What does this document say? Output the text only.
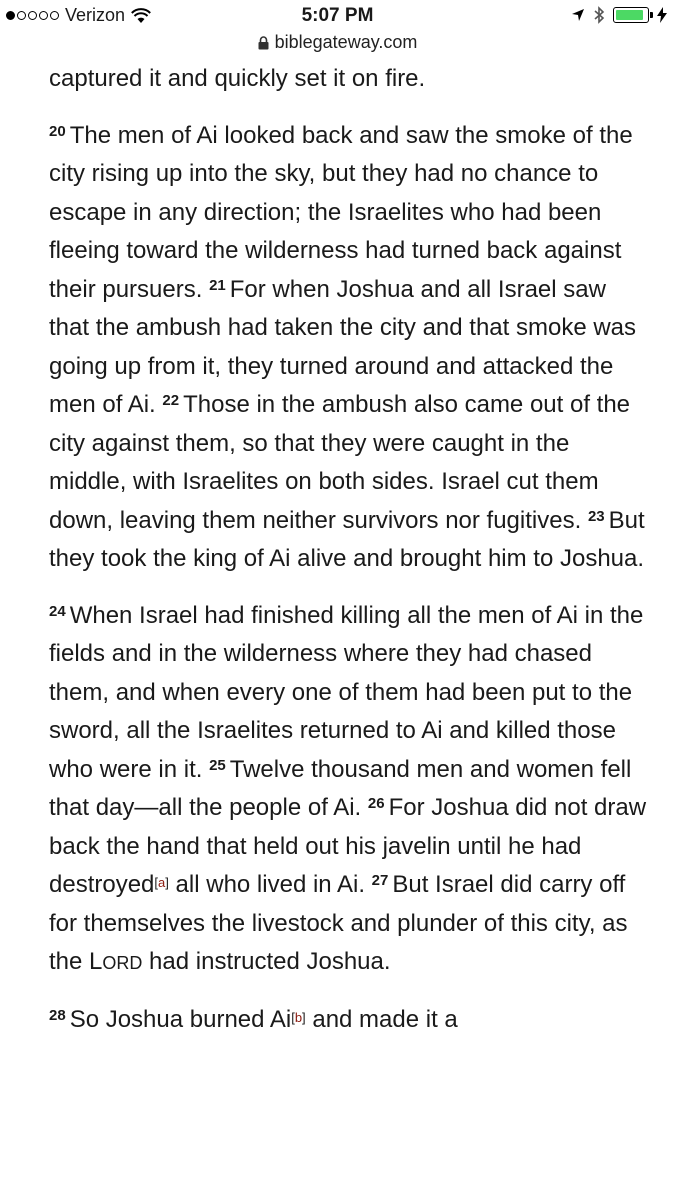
Verizon	5:07 PM
biblegateway.com

captured it and quickly set it on fire.

$^{20}$ The men of Ai looked back and saw the smoke of the city rising up into the sky, but they had no chance to escape in any direction; the Israelites who had been fleeing toward the wilderness had turned back against their pursuers. $^{21}$ For when Joshua and all Israel saw that the ambush had taken the city and that smoke was going up from it, they turned around and attacked the men of Ai. $^{22}$ Those in the ambush also came out of the city against them, so that they were caught in the middle, with Israelites on both sides. Israel cut them down, leaving them neither survivors nor fugitives. $^{23}$ But they took the king of Ai alive and brought him to Joshua.

$^{24}$ When Israel had finished killing all the men of Ai in the fields and in the wilderness where they had chased them, and when every one of them had been put to the sword, all the Israelites returned to Ai and killed those who were in it. $^{25}$ Twelve thousand men and women fell that day—all the people of Ai. $^{26}$ For Joshua did not draw back the hand that held out his javelin until he had destroyed[a] all who lived in Ai. $^{27}$ But Israel did carry off for themselves the livestock and plunder of this city, as the LORD had instructed Joshua.

$^{28}$ So Joshua burned Ai[b] and made it a
